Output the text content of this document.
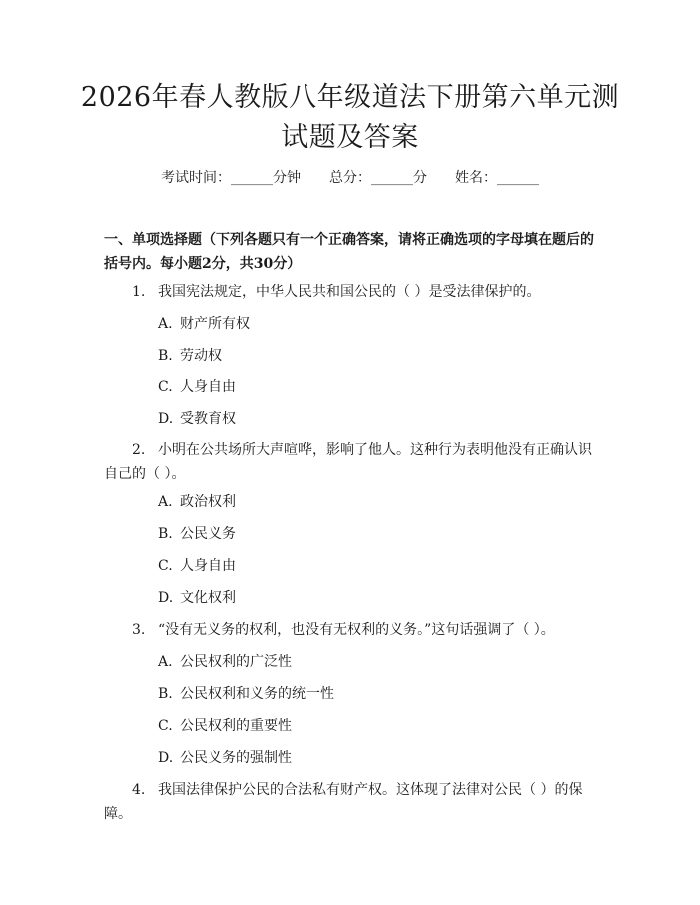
2026年春人教版八年级道法下册第六单元测
试题及答案
考试时间：______分钟 总分：______分 姓名：______
一、单项选择题（下列各题只有一个正确答案，请将正确选项的字母填在题后的括号内。每小题2分，共30分）
1. 我国宪法规定，中华人民共和国公民的（ ）是受法律保护的。
A. 财产所有权
B. 劳动权
C. 人身自由
D. 受教育权
2. 小明在公共场所大声喧哗，影响了他人。这种行为表明他没有正确认识自己的（ ）。
A. 政治权利
B. 公民义务
C. 人身自由
D. 文化权利
3. “没有无义务的权利，也没有无权利的义务。”这句话强调了（ ）。
A. 公民权利的广泛性
B. 公民权利和义务的统一性
C. 公民权利的重要性
D. 公民义务的强制性
4. 我国法律保护公民的合法私有财产权。这体现了法律对公民（ ）的保障。
